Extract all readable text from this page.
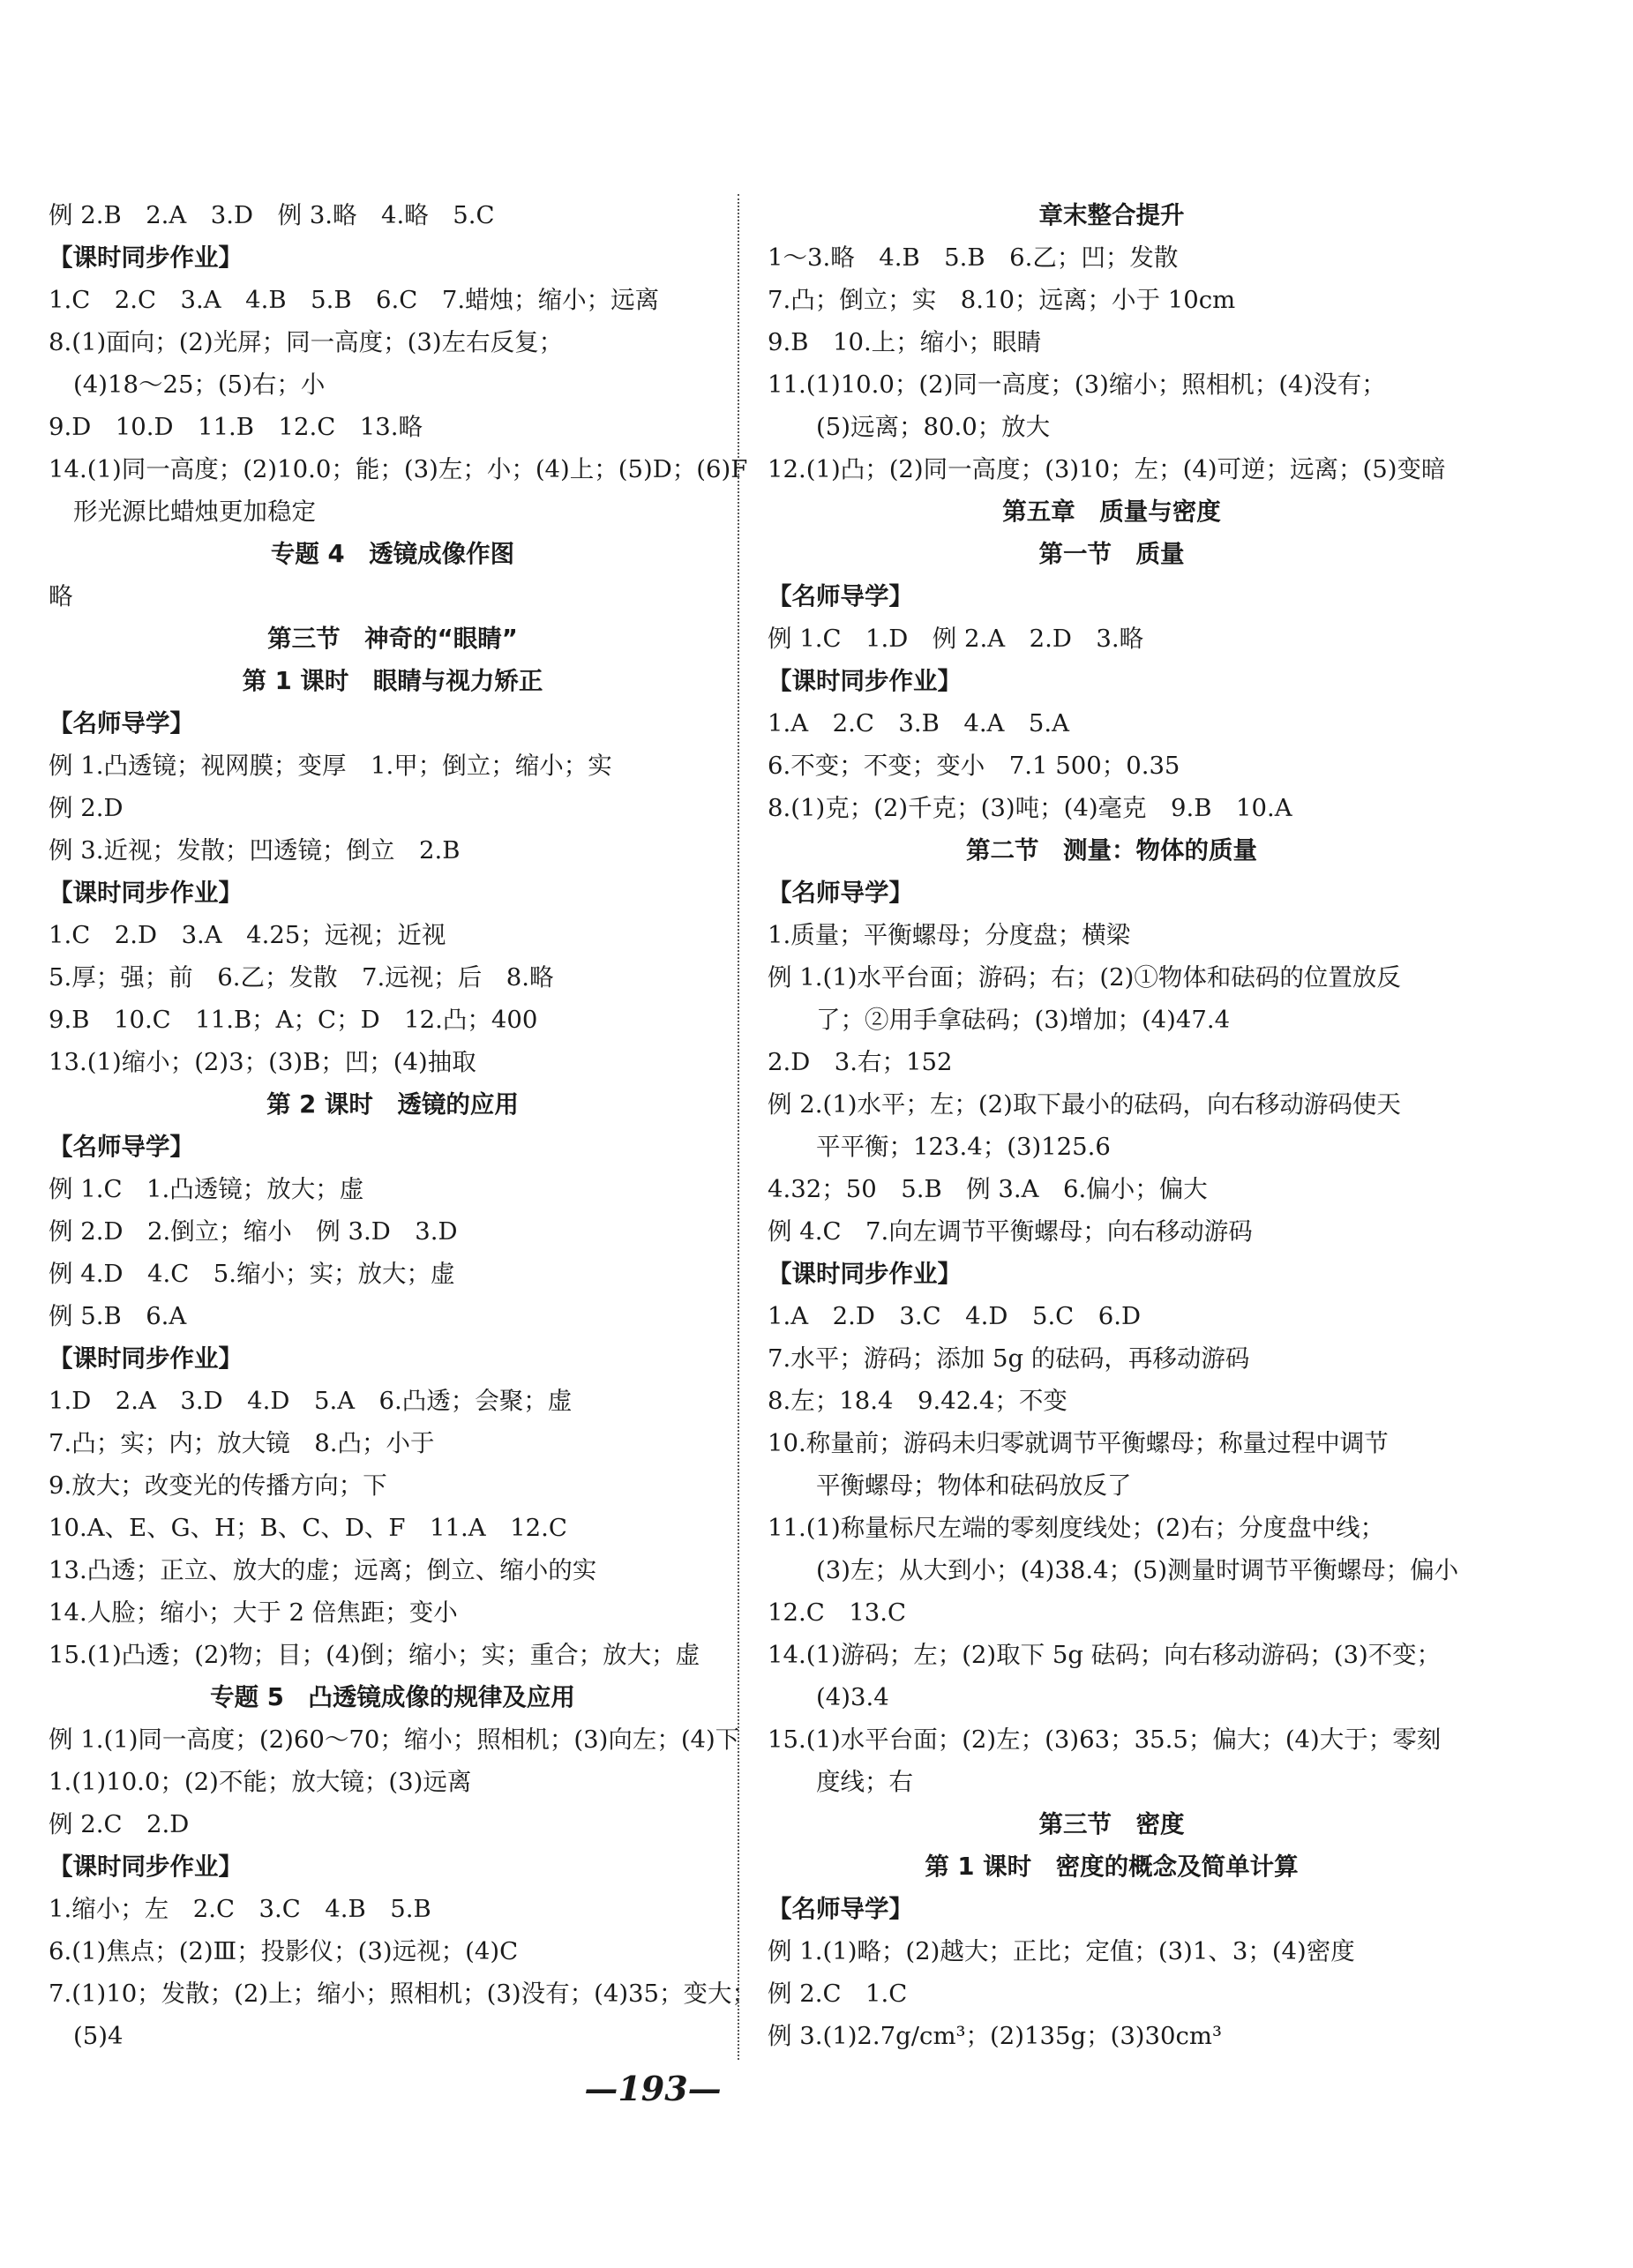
例 2.B　2.A　3.D　例 3.略　4.略　5.C
【课时同步作业】
1.C　2.C　3.A　4.B　5.B　6.C　7.蜡烛；缩小；远离
8.(1)面向；(2)光屏；同一高度；(3)左右反复；
(4)18～25；(5)右；小
9.D　10.D　11.B　12.C　13.略
14.(1)同一高度；(2)10.0；能；(3)左；小；(4)上；(5)D；(6)F
形光源比蜡烛更加稳定
专题 4　透镜成像作图
略
第三节　神奇的“眼睛”
第 1 课时　眼睛与视力矫正
【名师导学】
例 1.凸透镜；视网膜；变厚　1.甲；倒立；缩小；实
例 2.D
例 3.近视；发散；凹透镜；倒立　2.B
【课时同步作业】
1.C　2.D　3.A　4.25；远视；近视
5.厚；强；前　6.乙；发散　7.远视；后　8.略
9.B　10.C　11.B；A；C；D　12.凸；400
13.(1)缩小；(2)3；(3)B；凹；(4)抽取
第 2 课时　透镜的应用
【名师导学】
例 1.C　1.凸透镜；放大；虚
例 2.D　2.倒立；缩小　例 3.D　3.D
例 4.D　4.C　5.缩小；实；放大；虚
例 5.B　6.A
【课时同步作业】
1.D　2.A　3.D　4.D　5.A　6.凸透；会聚；虚
7.凸；实；内；放大镜　8.凸；小于
9.放大；改变光的传播方向；下
10.A、E、G、H；B、C、D、F　11.A　12.C
13.凸透；正立、放大的虚；远离；倒立、缩小的实
14.人脸；缩小；大于 2 倍焦距；变小
15.(1)凸透；(2)物；目；(4)倒；缩小；实；重合；放大；虚
专题 5　凸透镜成像的规律及应用
例 1.(1)同一高度；(2)60～70；缩小；照相机；(3)向左；(4)下
1.(1)10.0；(2)不能；放大镜；(3)远离
例 2.C　2.D
【课时同步作业】
1.缩小；左　2.C　3.C　4.B　5.B
6.(1)焦点；(2)Ⅲ；投影仪；(3)远视；(4)C
7.(1)10；发散；(2)上；缩小；照相机；(3)没有；(4)35；变大；
(5)4
章末整合提升
1～3.略　4.B　5.B　6.乙；凹；发散
7.凸；倒立；实　8.10；远离；小于 10cm
9.B　10.上；缩小；眼睛
11.(1)10.0；(2)同一高度；(3)缩小；照相机；(4)没有；
(5)远离；80.0；放大
12.(1)凸；(2)同一高度；(3)10；左；(4)可逆；远离；(5)变暗
第五章　质量与密度
第一节　质量
【名师导学】
例 1.C　1.D　例 2.A　2.D　3.略
【课时同步作业】
1.A　2.C　3.B　4.A　5.A
6.不变；不变；变小　7.1 500；0.35
8.(1)克；(2)千克；(3)吨；(4)毫克　9.B　10.A
第二节　测量：物体的质量
【名师导学】
1.质量；平衡螺母；分度盘；横梁
例 1.(1)水平台面；游码；右；(2)①物体和砝码的位置放反
了；②用手拿砝码；(3)增加；(4)47.4
2.D　3.右；152
例 2.(1)水平；左；(2)取下最小的砝码，向右移动游码使天
平平衡；123.4；(3)125.6
4.32；50　5.B　例 3.A　6.偏小；偏大
例 4.C　7.向左调节平衡螺母；向右移动游码
【课时同步作业】
1.A　2.D　3.C　4.D　5.C　6.D
7.水平；游码；添加 5g 的砝码，再移动游码
8.左；18.4　9.42.4；不变
10.称量前；游码未归零就调节平衡螺母；称量过程中调节
平衡螺母；物体和砝码放反了
11.(1)称量标尺左端的零刻度线处；(2)右；分度盘中线；
(3)左；从大到小；(4)38.4；(5)测量时调节平衡螺母；偏小
12.C　13.C
14.(1)游码；左；(2)取下 5g 砝码；向右移动游码；(3)不变；
(4)3.4
15.(1)水平台面；(2)左；(3)63；35.5；偏大；(4)大于；零刻
度线；右
第三节　密度
第 1 课时　密度的概念及简单计算
【名师导学】
例 1.(1)略；(2)越大；正比；定值；(3)1、3；(4)密度
例 2.C　1.C
例 3.(1)2.7g/cm³；(2)135g；(3)30cm³
—193—
